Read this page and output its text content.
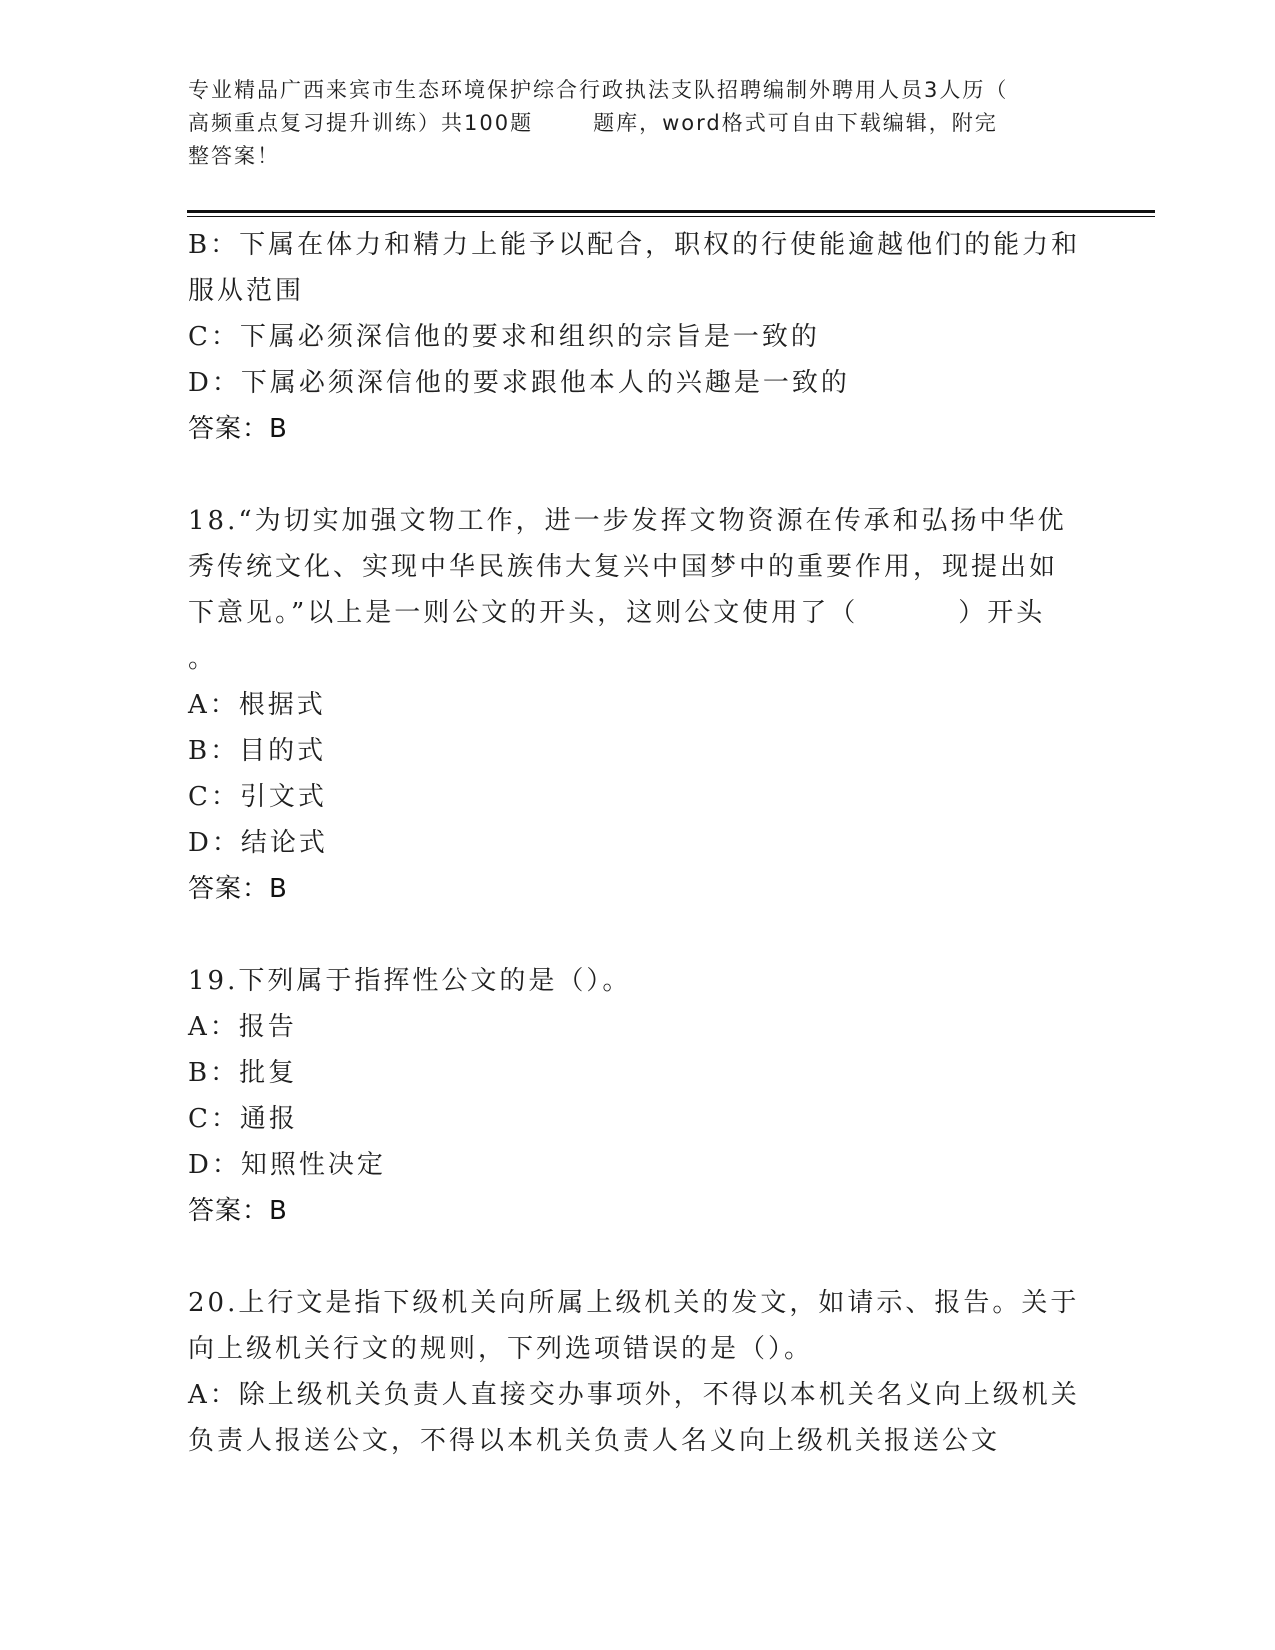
专业精品广西来宾市生态环境保护综合行政执法支队招聘编制外聘用人员3人历（
高频重点复习提升训练）共100题	题库，word格式可自由下载编辑，附完
整答案！
B：下属在体力和精力上能予以配合，职权的行使能逾越他们的能力和
服从范围
C：下属必须深信他的要求和组织的宗旨是一致的
D：下属必须深信他的要求跟他本人的兴趣是一致的
答案：B
18.“为切实加强文物工作，进一步发挥文物资源在传承和弘扬中华优
秀传统文化、实现中华民族伟大复兴中国梦中的重要作用，现提出如
下意见。”以上是一则公文的开头，这则公文使用了（	）开头
。
A：根据式
B：目的式
C：引文式
D：结论式
答案：B
19.下列属于指挥性公文的是（）。
A：报告
B：批复
C：通报
D：知照性决定
答案：B
20.上行文是指下级机关向所属上级机关的发文，如请示、报告。关于
向上级机关行文的规则，下列选项错误的是（）。
A：除上级机关负责人直接交办事项外，不得以本机关名义向上级机关
负责人报送公文，不得以本机关负责人名义向上级机关报送公文
